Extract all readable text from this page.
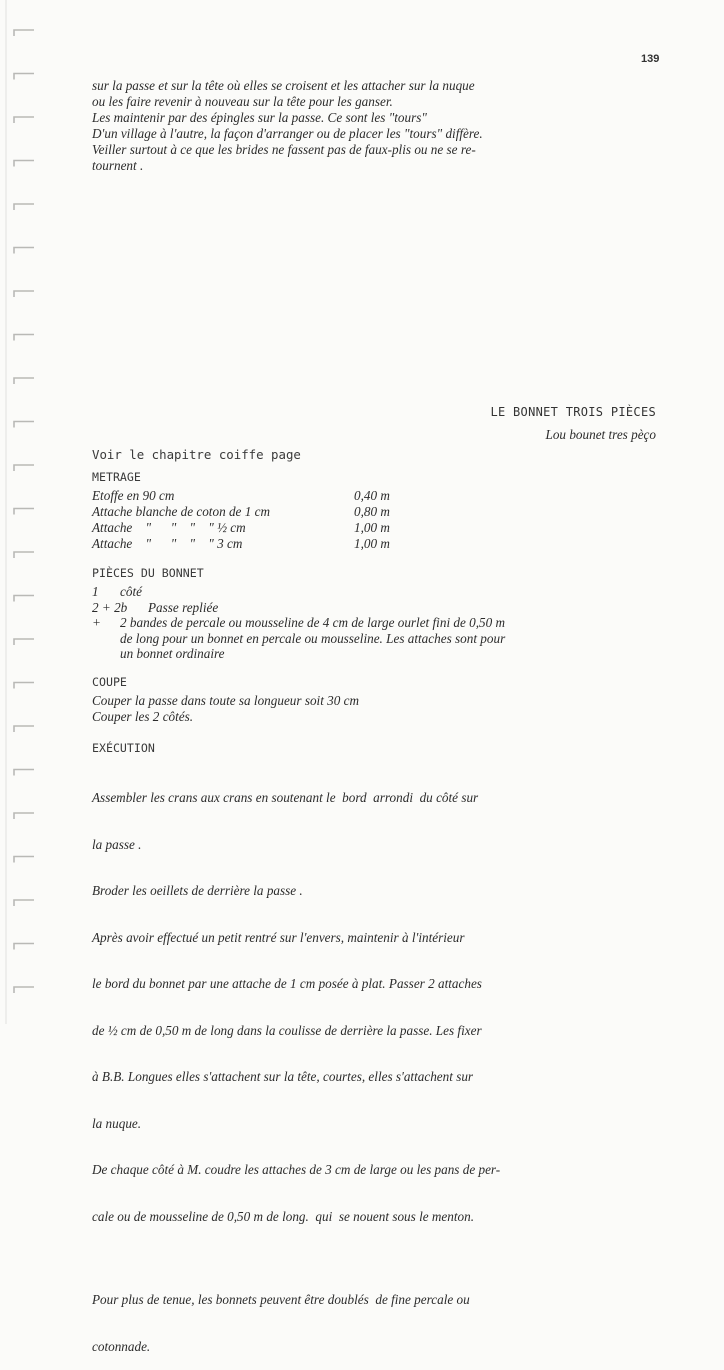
139
sur la passe et sur la tête où elles se croisent et les attacher sur la nuque
ou les faire revenir à nouveau sur la tête pour les ganser.
Les maintenir par des épingles sur la passe. Ce sont les "tours"
D'un village à l'autre, la façon d'arranger ou de placer les "tours" diffère.
Veiller surtout à ce que les brides ne fassent pas de faux-plis ou ne se re-
tournent .
LE BONNET TROIS PIÈCES
Lou bounet tres pèço
Voir le chapitre coiffe page
METRAGE
Etoffe en 90 cm	0,40 m
Attache blanche de coton de 1 cm	0,80 m
Attache    "      "    "    " ½ cm	1,00 m
Attache    "      "    "    " 3 cm	1,00 m
PIÈCES DU BONNET
1	côté
2 + 2b	Passe repliée
+	2 bandes de percale ou mousseline de 4 cm de large ourlet fini de 0,50 m
de long pour un bonnet en percale ou mousseline. Les attaches sont pour
un bonnet ordinaire
COUPE
Couper la passe dans toute sa longueur soit 30 cm
Couper les 2 côtés.
EXÉCUTION

Assembler les crans aux crans en soutenant le  bord  arrondi  du côté sur

la passe .

Broder les oeillets de derrière la passe .

Après avoir effectué un petit rentré sur l'envers, maintenir à l'intérieur

le bord du bonnet par une attache de 1 cm posée à plat. Passer 2 attaches

de ½ cm de 0,50 m de long dans la coulisse de derrière la passe. Les fixer

à B.B. Longues elles s'attachent sur la tête, courtes, elles s'attachent sur

la nuque.

De chaque côté à M. coudre les attaches de 3 cm de large ou les pans de per-

cale ou de mousseline de 0,50 m de long.  qui  se nouent sous le menton.

Pour plus de tenue, les bonnets peuvent être doublés  de fine percale ou

cotonnade.
